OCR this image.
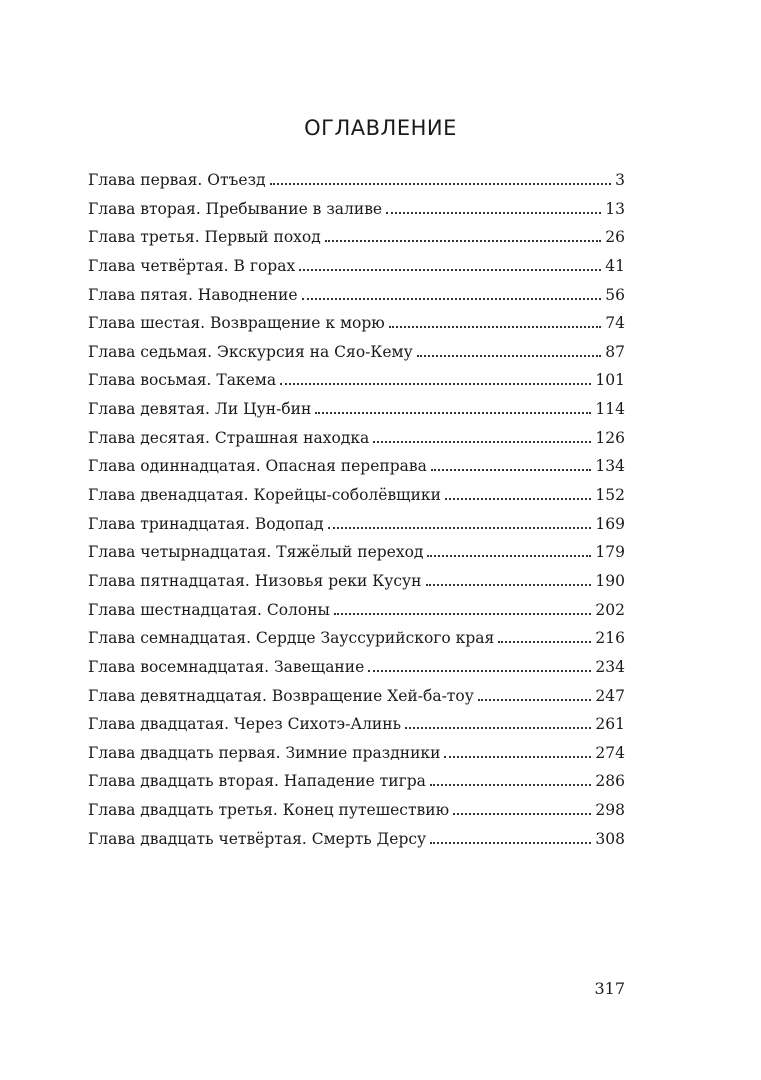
ОГЛАВЛЕНИЕ
Глава первая. Отъезд	3
Глава вторая. Пребывание в заливе	13
Глава третья. Первый поход	26
Глава четвёртая. В горах	41
Глава пятая. Наводнение	56
Глава шестая. Возвращение к морю	74
Глава седьмая. Экскурсия на Сяо-Кему	87
Глава восьмая. Такема	101
Глава девятая. Ли Цун-бин	114
Глава десятая. Страшная находка	126
Глава одиннадцатая. Опасная переправа	134
Глава двенадцатая. Корейцы-соболёвщики	152
Глава тринадцатая. Водопад	169
Глава четырнадцатая. Тяжёлый переход	179
Глава пятнадцатая. Низовья реки Кусун	190
Глава шестнадцатая. Солоны	202
Глава семнадцатая. Сердце Зауссурийского края	216
Глава восемнадцатая. Завещание	234
Глава девятнадцатая. Возвращение Хей-ба-тоу	247
Глава двадцатая. Через Сихотэ-Алинь	261
Глава двадцать первая. Зимние праздники	274
Глава двадцать вторая. Нападение тигра	286
Глава двадцать третья. Конец путешествию	298
Глава двадцать четвёртая. Смерть Дерсу	308
317
